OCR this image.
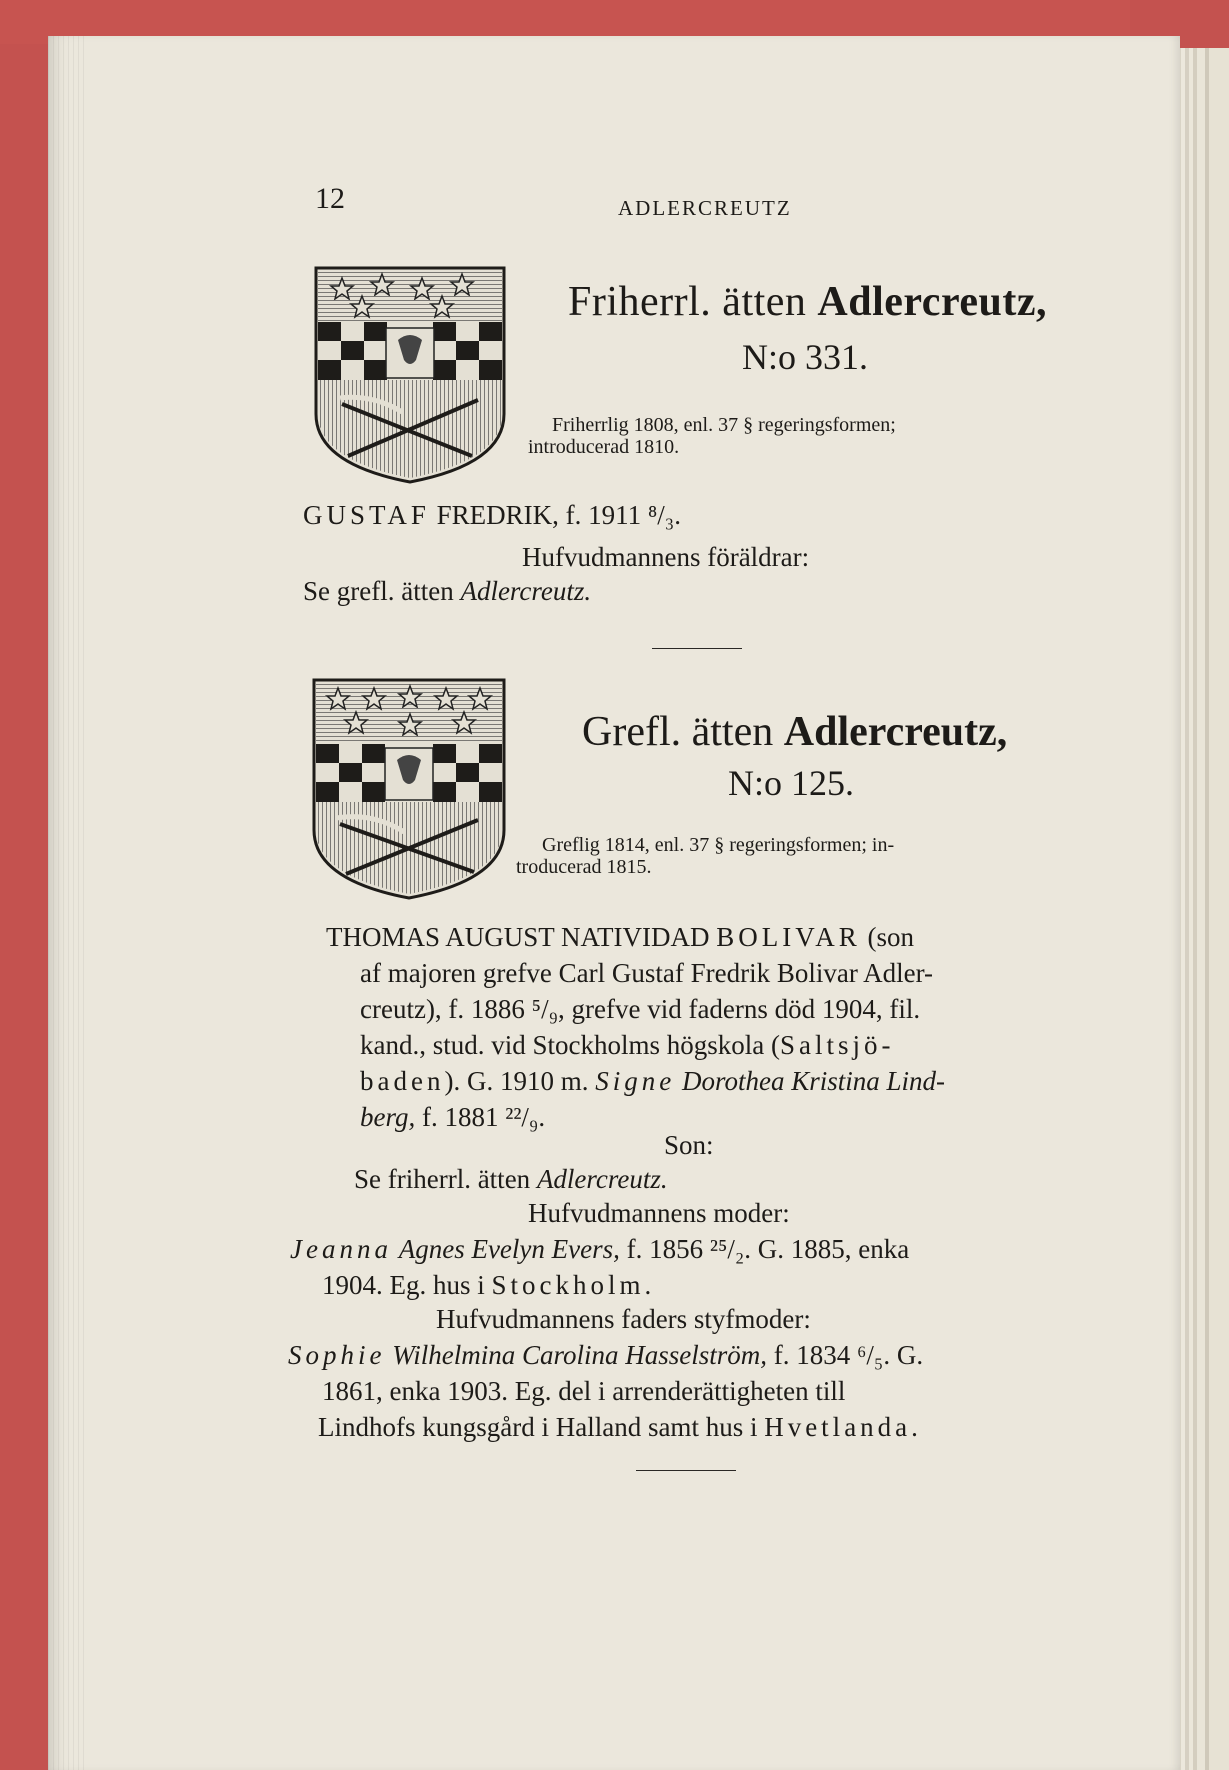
12	ADLERCREUTZ
Friherrl. ätten Adlercreutz,
N:o 331.
Friherrlig 1808, enl. 37 § regeringsformen;
introducerad 1810.
GUSTAF FREDRIK, f. 1911 ⁸/₃.
Hufvudmannens föräldrar:
Se grefl. ätten Adlercreutz.
Grefl. ätten Adlercreutz,
N:o 125.
Greflig 1814, enl. 37 § regeringsformen; in-
troducerad 1815.
THOMAS AUGUST NATIVIDAD BOLIVAR (son
af majoren grefve Carl Gustaf Fredrik Bolivar Adler-
creutz), f. 1886 ⁵/₉, grefve vid faderns död 1904, fil.
kand., stud. vid Stockholms högskola (Saltsjö-
baden). G. 1910 m. Signe Dorothea Kristina Lind-
berg, f. 1881 ²²/₉.
Son:
Se friherrl. ätten Adlercreutz.
Hufvudmannens moder:
Jeanna Agnes Evelyn Evers, f. 1856 ²⁵/₂. G. 1885, enka
1904. Eg. hus i Stockholm.
Hufvudmannens faders styfmoder:
Sophie Wilhelmina Carolina Hasselström, f. 1834 ⁶/₅. G.
1861, enka 1903. Eg. del i arrenderättigheten till
Lindhofs kungsgård i Halland samt hus i Hvetlanda.
